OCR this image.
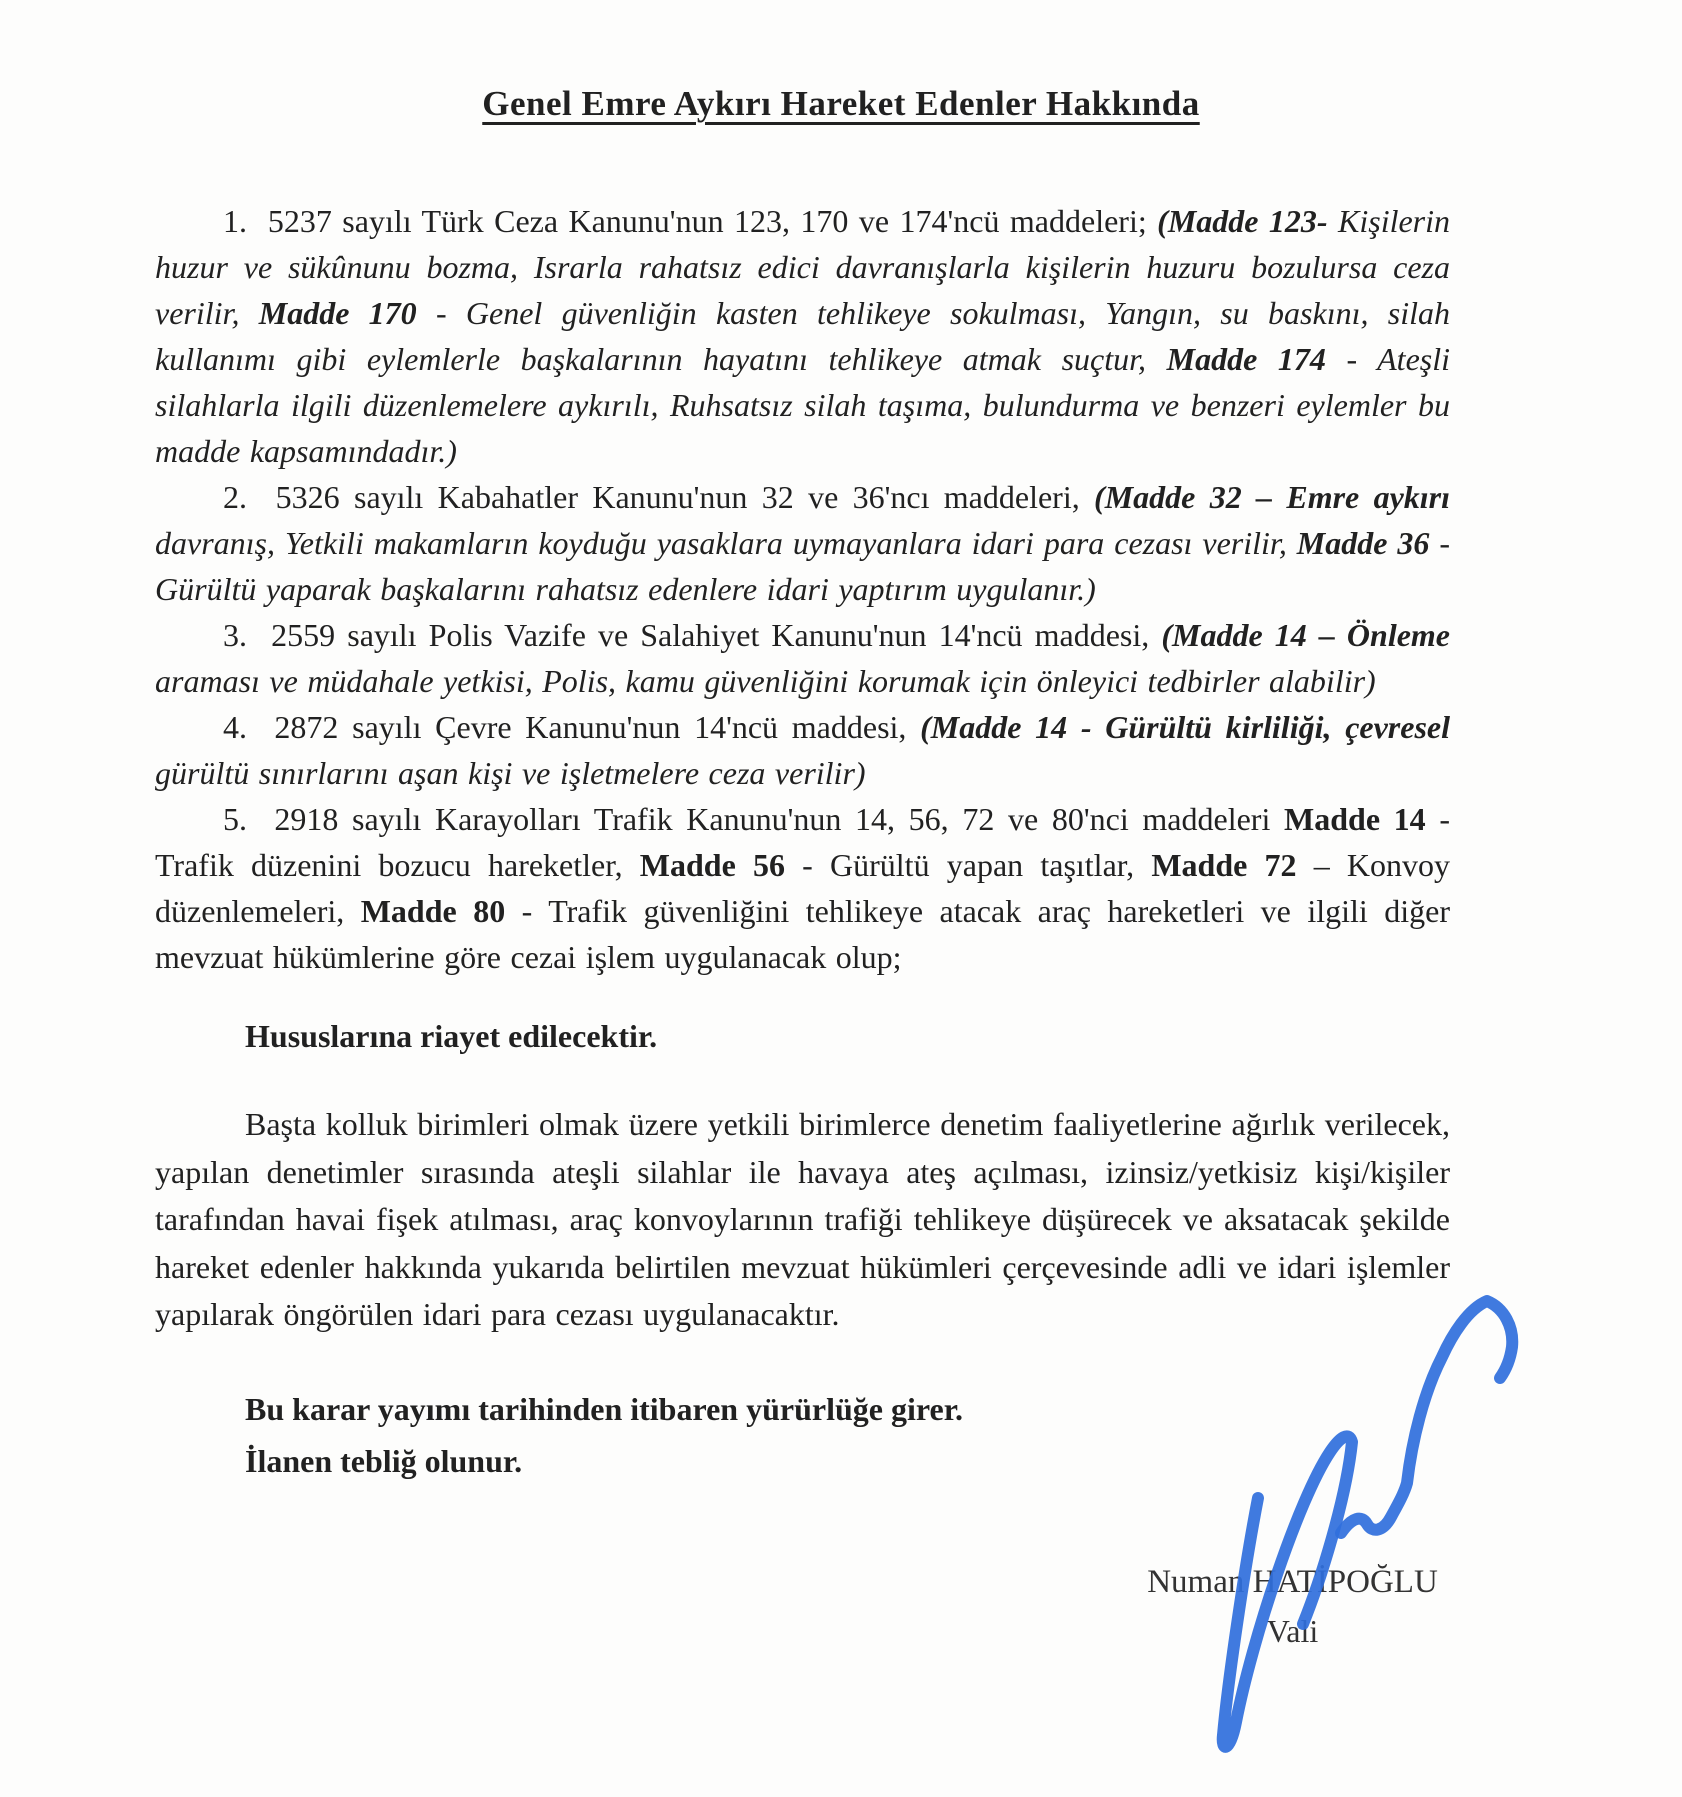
Genel Emre Aykırı Hareket Edenler Hakkında

1.  5237 sayılı Türk Ceza Kanunu'nun 123, 170 ve 174'ncü maddeleri; (Madde 123- Kişilerin huzur ve sükûnunu bozma, Israrla rahatsız edici davranışlarla kişilerin huzuru bozulursa ceza verilir, Madde 170 - Genel güvenliğin kasten tehlikeye sokulması, Yangın, su baskını, silah kullanımı gibi eylemlerle başkalarının hayatını tehlikeye atmak suçtur, Madde 174 - Ateşli silahlarla ilgili düzenlemelere aykırılı, Ruhsatsız silah taşıma, bulundurma ve benzeri eylemler bu madde kapsamındadır.)

2.  5326 sayılı Kabahatler Kanunu'nun 32 ve 36'ncı maddeleri, (Madde 32 – Emre aykırı davranış, Yetkili makamların koyduğu yasaklara uymayanlara idari para cezası verilir, Madde 36 - Gürültü yaparak başkalarını rahatsız edenlere idari yaptırım uygulanır.)

3.  2559 sayılı Polis Vazife ve Salahiyet Kanunu'nun 14'ncü maddesi, (Madde 14 – Önleme araması ve müdahale yetkisi, Polis, kamu güvenliğini korumak için önleyici tedbirler alabilir)

4.  2872 sayılı Çevre Kanunu'nun 14'ncü maddesi, (Madde 14 - Gürültü kirliliği, çevresel gürültü sınırlarını aşan kişi ve işletmelere ceza verilir)

5.  2918 sayılı Karayolları Trafik Kanunu'nun 14, 56, 72 ve 80'nci maddeleri Madde 14 - Trafik düzenini bozucu hareketler, Madde 56 - Gürültü yapan taşıtlar, Madde 72 – Konvoy düzenlemeleri, Madde 80 - Trafik güvenliğini tehlikeye atacak araç hareketleri ve ilgili diğer mevzuat hükümlerine göre cezai işlem uygulanacak olup;

Hususlarına riayet edilecektir.

Başta kolluk birimleri olmak üzere yetkili birimlerce denetim faaliyetlerine ağırlık verilecek, yapılan denetimler sırasında ateşli silahlar ile havaya ateş açılması, izinsiz/yetkisiz kişi/kişiler tarafından havai fişek atılması, araç konvoylarının trafiği tehlikeye düşürecek ve aksatacak şekilde hareket edenler hakkında yukarıda belirtilen mevzuat hükümleri çerçevesinde adli ve idari işlemler yapılarak öngörülen idari para cezası uygulanacaktır.

Bu karar yayımı tarihinden itibaren yürürlüğe girer.

İlanen tebliğ olunur.

Numan HATİPOĞLU
Vali
